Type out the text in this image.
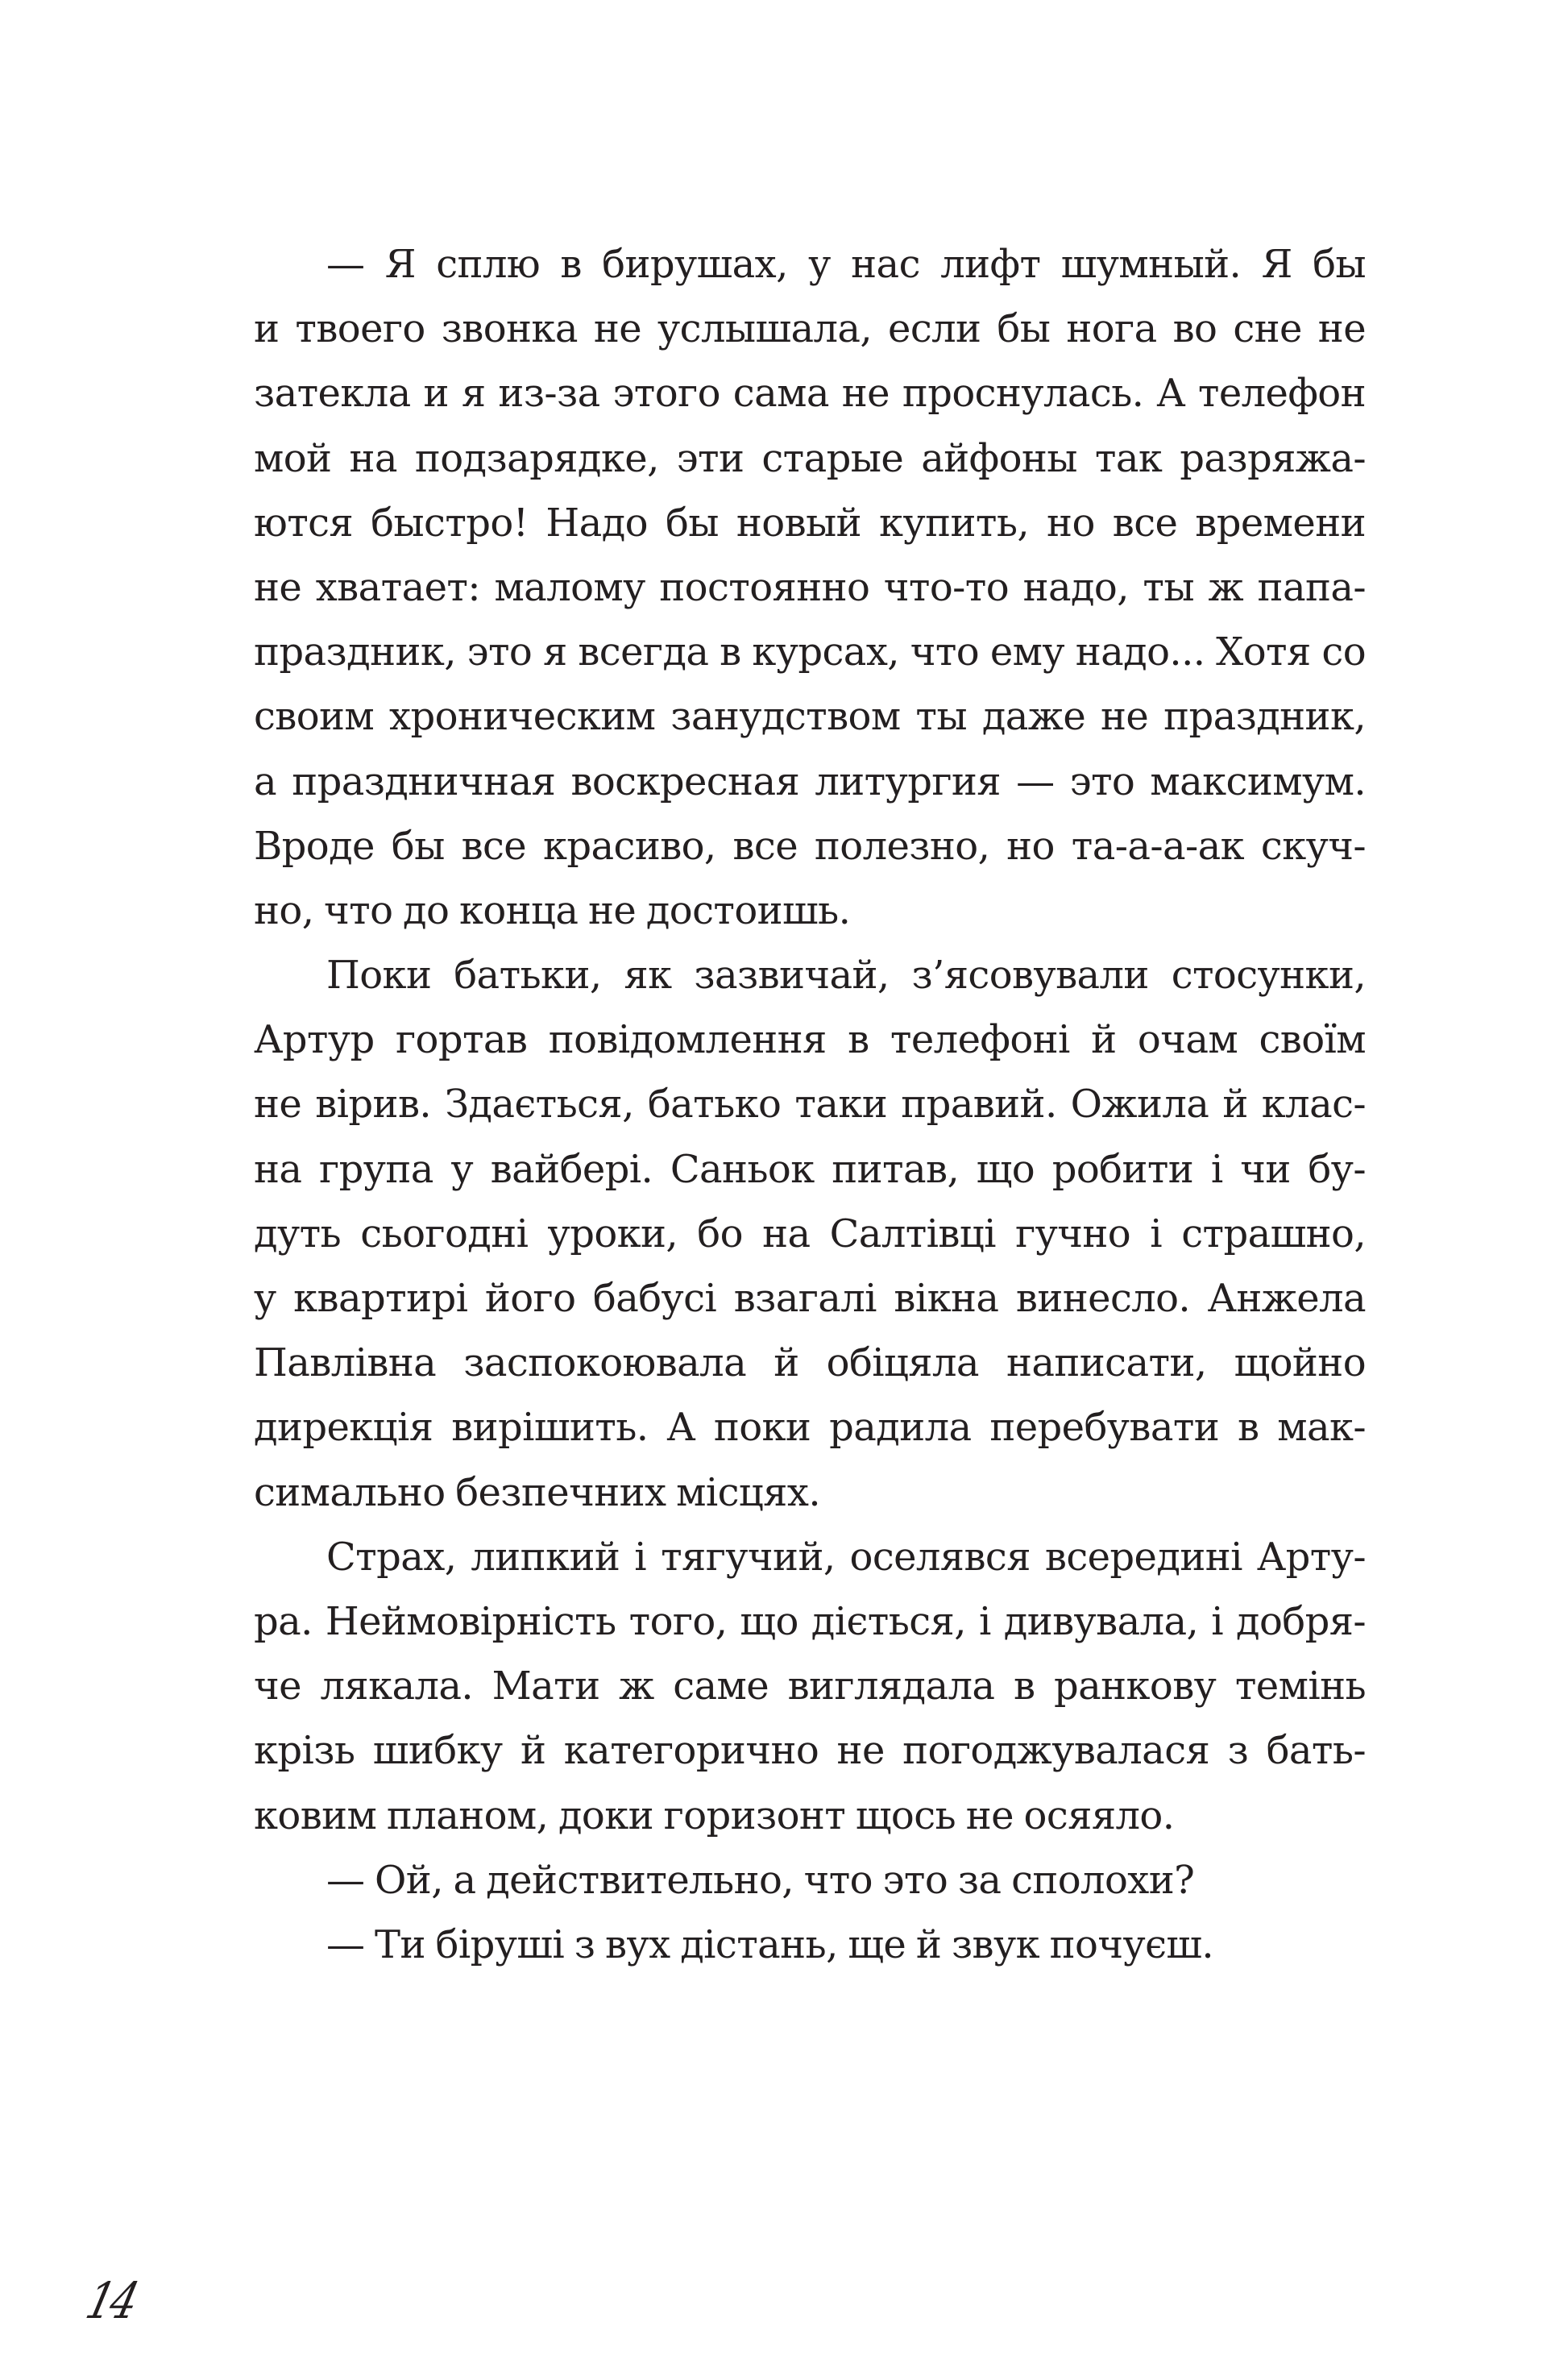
— Я сплю в бирушах, у нас лифт шумный. Я бы
и твоего звонка не услышала, если бы нога во сне не
затекла и я из-за этого сама не проснулась. А телефон
мой на подзарядке, эти старые айфоны так разряжа-
ются быстро! Надо бы новый купить, но все времени
не хватает: малому постоянно что-то надо, ты ж папа-
праздник, это я всегда в курсах, что ему надо... Хотя со
своим хроническим занудством ты даже не праздник,
а праздничная воскресная литургия — это максимум.
Вроде бы все красиво, все полезно, но та-а-а-ак скуч-
но, что до конца не достоишь.
Поки батьки, як зазвичай, з’ясовували стосунки,
Артур гортав повідомлення в телефоні й очам своїм
не вірив. Здається, батько таки правий. Ожила й клас-
на група у вайбері. Саньок питав, що робити і чи бу-
дуть сьогодні уроки, бо на Салтівці гучно і страшно,
у квартирі його бабусі взагалі вікна винесло. Анжела
Павлівна заспокоювала й обіцяла написати, щойно
дирекція вирішить. А поки радила перебувати в мак-
симально безпечних місцях.
Страх, липкий і тягучий, оселявся всередині Арту-
ра. Неймовірність того, що діється, і дивувала, і добря-
че лякала. Мати ж саме виглядала в ранкову темінь
крізь шибку й категорично не погоджувалася з бать-
ковим планом, доки горизонт щось не осяяло.
— Ой, а действительно, что это за сполохи?
— Ти біруші з вух дістань, ще й звук почуєш.
14
